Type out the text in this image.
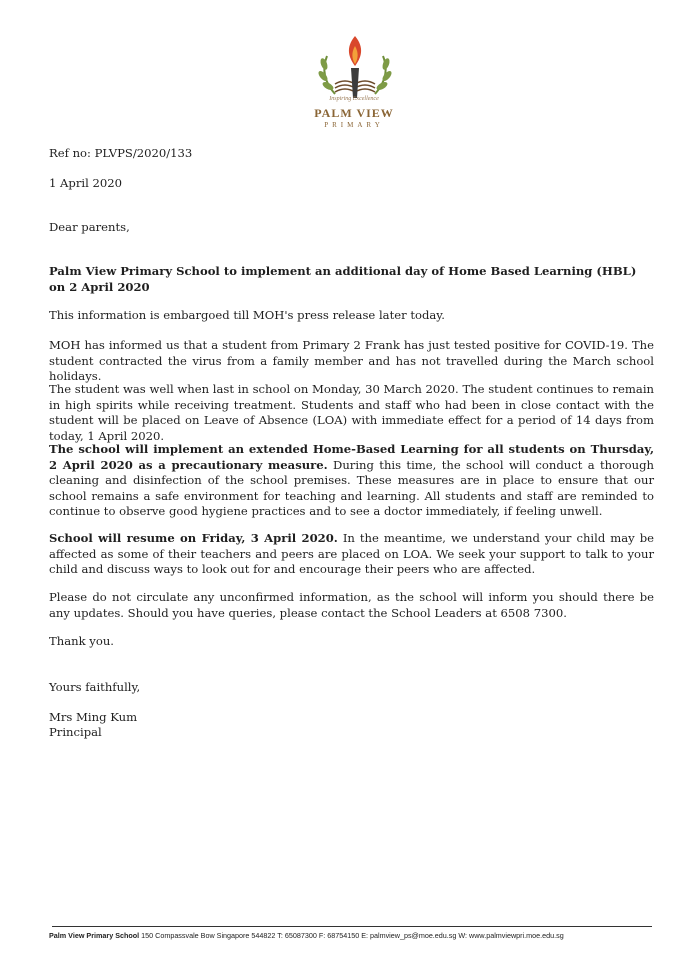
Inspiring Excellence
PALM VIEW
PRIMARY

Ref no: PLVPS/2020/133

1 April 2020

Dear parents,

Palm View Primary School to implement an additional day of Home Based Learning (HBL) on 2 April 2020

This information is embargoed till MOH's press release later today.

MOH has informed us that a student from Primary 2 Frank has just tested positive for COVID-19. The student contracted the virus from a family member and has not travelled during the March school holidays.

The student was well when last in school on Monday, 30 March 2020. The student continues to remain in high spirits while receiving treatment. Students and staff who had been in close contact with the student will be placed on Leave of Absence (LOA) with immediate effect for a period of 14 days from today, 1 April 2020.

The school will implement an extended Home-Based Learning for all students on Thursday, 2 April 2020 as a precautionary measure. During this time, the school will conduct a thorough cleaning and disinfection of the school premises. These measures are in place to ensure that our school remains a safe environment for teaching and learning. All students and staff are reminded to continue to observe good hygiene practices and to see a doctor immediately, if feeling unwell.

School will resume on Friday, 3 April 2020. In the meantime, we understand your child may be affected as some of their teachers and peers are placed on LOA. We seek your support to talk to your child and discuss ways to look out for and encourage their peers who are affected.

Please do not circulate any unconfirmed information, as the school will inform you should there be any updates. Should you have queries, please contact the School Leaders at 6508 7300.

Thank you.

Yours faithfully,

Mrs Ming Kum

Principal

Palm View Primary School 150 Compassvale Bow Singapore 544822 T: 65087300 F: 68754150 E: palmview_ps@moe.edu.sg W: www.palmviewpri.moe.edu.sg
